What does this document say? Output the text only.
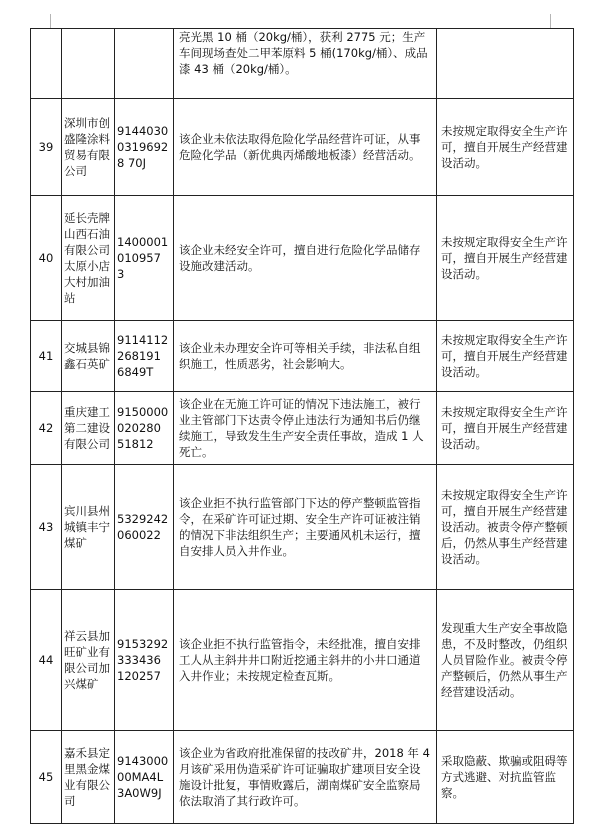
			亮光黑 10 桶（20kg/桶），获利 2775 元；生产车间现场查处二甲苯原料 5 桶(170kg/桶）、成品漆 43 桶（20kg/桶）。	
39	深圳市创盛隆涂料贸易有限公司	914403003196928 70J	该企业未依法取得危险化学品经营许可证，从事危险化学品（新优典丙烯酸地板漆）经营活动。	未按规定取得安全生产许可，擅自开展生产经营建设活动。
40	延长壳牌山西石油有限公司太原小店大村加油站	1400001010957 3	该企业未经安全许可，擅自进行危险化学品储存设施改建活动。	未按规定取得安全生产许可，擅自开展生产经营建设活动。
41	交城县锦鑫石英矿	9114112268191 6849T	该企业未办理安全许可等相关手续，非法私自组织施工，性质恶劣，社会影响大。	未按规定取得安全生产许可，擅自开展生产经营建设活动。
42	重庆建工第二建设有限公司	9150000020280 51812	该企业在无施工许可证的情况下违法施工，被行业主管部门下达责令停止违法行为通知书后仍继续施工，导致发生生产安全责任事故，造成 1 人死亡。	未按规定取得安全生产许可，擅自开展生产经营建设活动。
43	宾川县州城镇丰宁煤矿	5329242060022	该企业拒不执行监管部门下达的停产整顿监管指令，在采矿许可证过期、安全生产许可证被注销的情况下非法组织生产；主要通风机未运行，擅自安排人员入井作业。	未按规定取得安全生产许可，擅自开展生产经营建设活动。被责令停产整顿后，仍然从事生产经营建设活动。
44	祥云县加旺矿业有限公司加兴煤矿	9153292333436 120257	该企业拒不执行监管指令，未经批准，擅自安排工人从主斜井井口附近挖通主斜井的小井口通道入井作业；未按规定检查瓦斯。	发现重大生产安全事故隐患，不及时整改，仍组织人员冒险作业。被责令停产整顿后，仍然从事生产经营建设活动。
45	嘉禾县定里黑金煤业有限公司	914300000MA4L 3A0W9J	该企业为省政府批准保留的技改矿井，2018 年 4 月该矿采用伪造采矿许可证骗取扩建项目安全设施设计批复，事情败露后，湖南煤矿安全监察局依法取消了其行政许可。	采取隐蔽、欺骗或阻碍等方式逃避、对抗监管监察。
